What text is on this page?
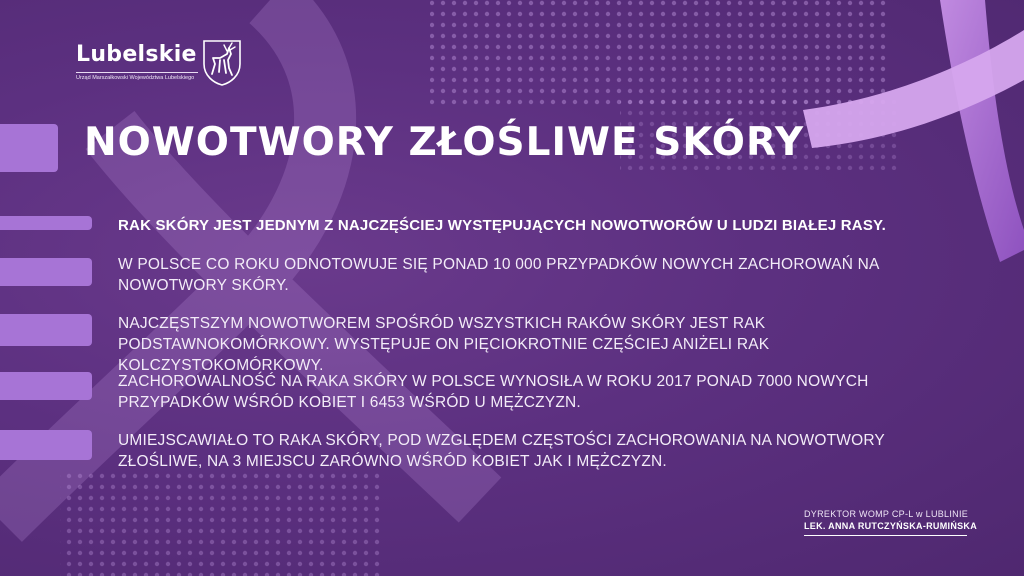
Lubelskie
Urząd Marszałkowski Województwa Lubelskiego
NOWOTWORY ZŁOŚLIWE SKÓRY

RAK SKÓRY JEST JEDNYM Z NAJCZĘŚCIEJ WYSTĘPUJĄCYCH NOWOTWORÓW U LUDZI BIAŁEJ RASY.

W POLSCE CO ROKU ODNOTOWUJE SIĘ PONAD 10 000 PRZYPADKÓW NOWYCH ZACHOROWAŃ NA NOWOTWORY SKÓRY.

NAJCZĘSTSZYM NOWOTWOREM SPOŚRÓD WSZYSTKICH RAKÓW SKÓRY JEST RAK PODSTAWNOKOMÓRKOWY. WYSTĘPUJE ON PIĘCIOKROTNIE CZĘŚCIEJ ANIŻELI RAK KOLCZYSTOKOMÓRKOWY.

ZACHOROWALNOŚĆ NA RAKA SKÓRY W POLSCE WYNOSIŁA W ROKU 2017 PONAD 7000 NOWYCH PRZYPADKÓW WŚRÓD KOBIET I 6453 WŚRÓD U MĘŻCZYZN.

UMIEJSCAWIAŁO TO RAKA SKÓRY, POD WZGLĘDEM CZĘSTOŚCI ZACHOROWANIA NA NOWOTWORY ZŁOŚLIWE, NA 3 MIEJSCU ZARÓWNO WŚRÓD KOBIET JAK I MĘŻCZYZN.

DYREKTOR WOMP CP-L w LUBLINIE
LEK. ANNA RUTCZYŃSKA-RUMIŃSKA
